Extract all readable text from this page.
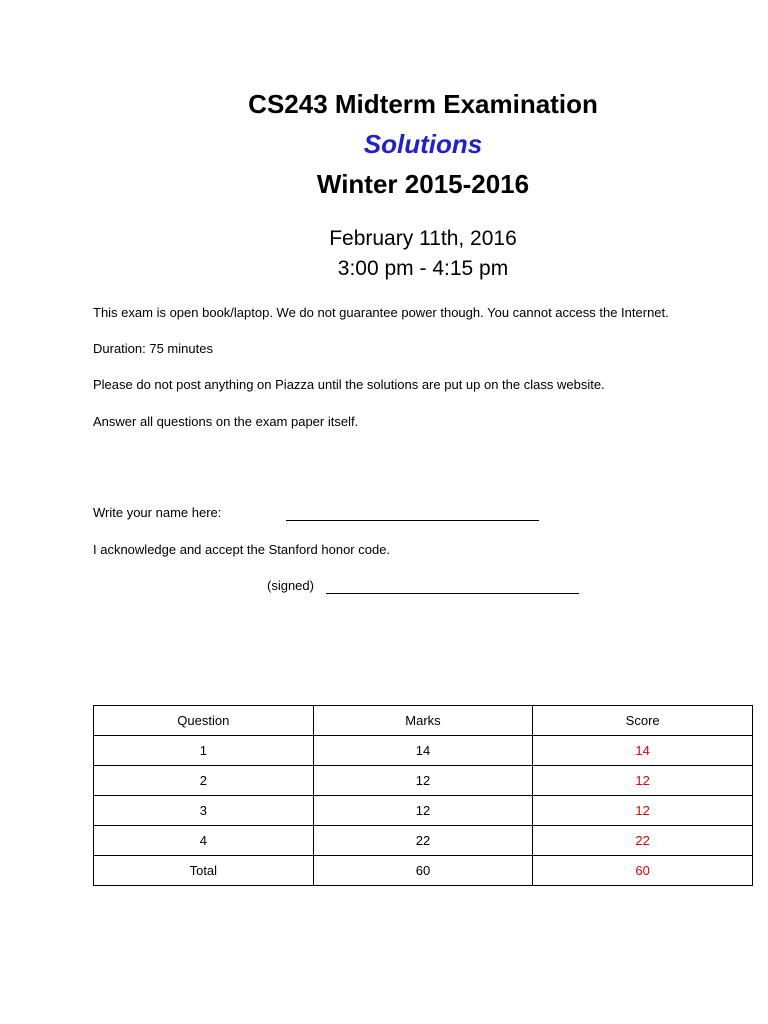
CS243 Midterm Examination
Solutions
Winter 2015-2016
February 11th, 2016
3:00 pm - 4:15 pm
This exam is open book/laptop. We do not guarantee power though. You cannot access the Internet.
Duration: 75 minutes
Please do not post anything on Piazza until the solutions are put up on the class website.
Answer all questions on the exam paper itself.
Write your name here:
I acknowledge and accept the Stanford honor code.
(signed)
Question	Marks	Score
1	14	14
2	12	12
3	12	12
4	22	22
Total	60	60
